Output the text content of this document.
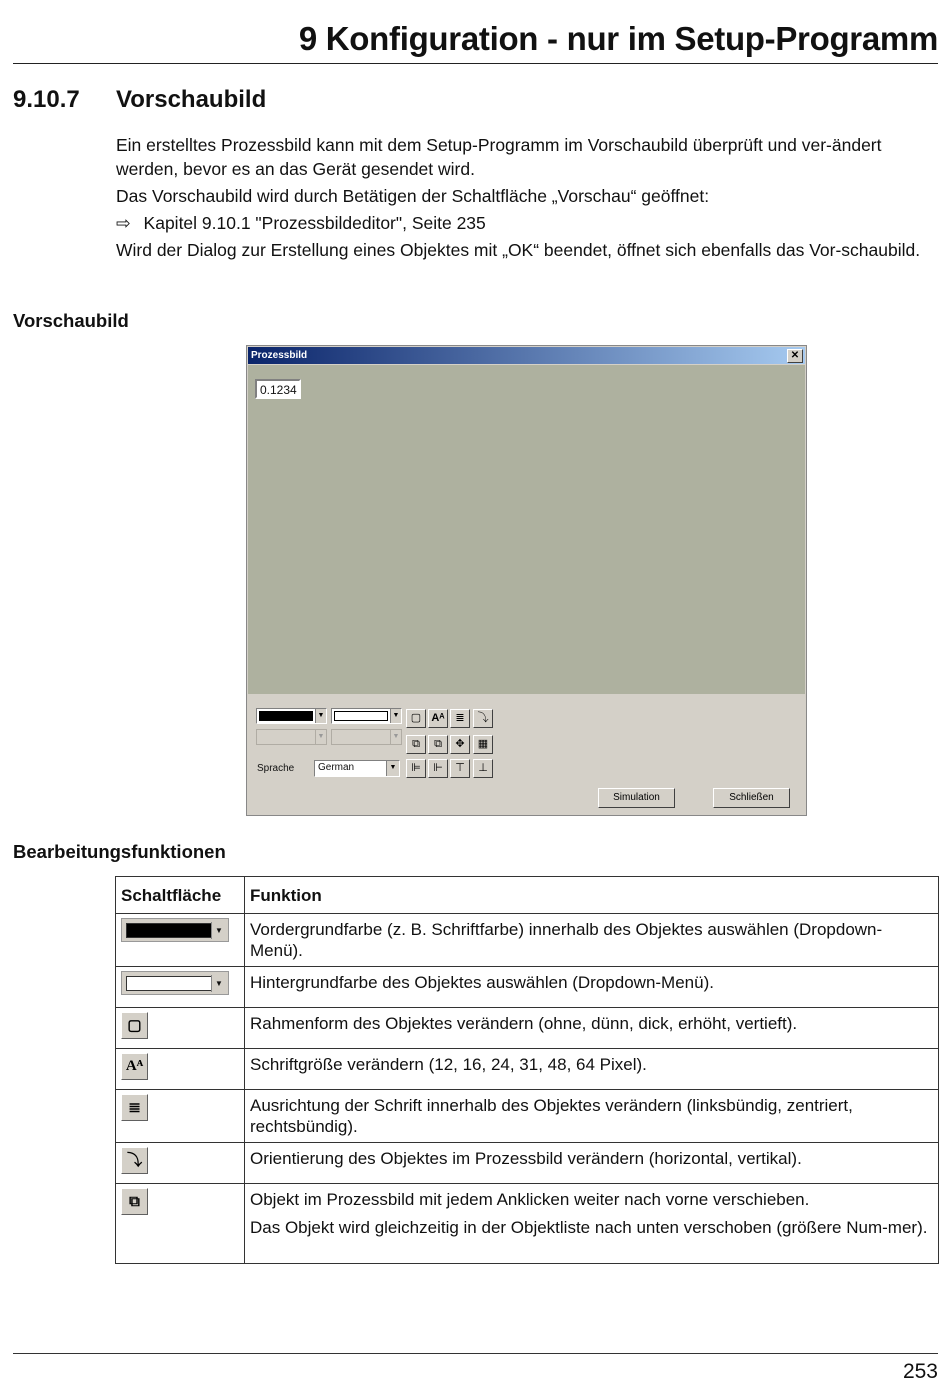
9 Konfiguration - nur im Setup-Programm
9.10.7 Vorschaubild
Ein erstelltes Prozessbild kann mit dem Setup-Programm im Vorschaubild überprüft und ver-ändert werden, bevor es an das Gerät gesendet wird.
Das Vorschaubild wird durch Betätigen der Schaltfläche „Vorschau“ geöffnet:
⇨ Kapitel 9.10.1 "Prozessbildeditor", Seite 235
Wird der Dialog zur Erstellung eines Objektes mit „OK“ beendet, öffnet sich ebenfalls das Vor-schaubild.
Vorschaubild
Prozessbild	✕
0.1234
▼	▼
▼	▼
Sprache German	▼
▢ Aᴬ ≣	⤵
⧉	⧉	✥	▦
⊫	⊩	⊤	⊥
Simulation	Schließen
Bearbeitungsfunktionen
Schaltfläche	Funktion

▼	Vordergrundfarbe (z. B. Schriftfarbe) innerhalb des Objektes auswählen (Dropdown-Menü).

▼	Hintergrundfarbe des Objektes auswählen (Dropdown-Menü).
▢	Rahmenform des Objektes verändern (ohne, dünn, dick, erhöht, vertieft).
Aᴬ	Schriftgröße verändern (12, 16, 24, 31, 48, 64 Pixel).
≣	Ausrichtung der Schrift innerhalb des Objektes verändern (linksbündig, zentriert, rechtsbündig).
⤵	Orientierung des Objektes im Prozessbild verändern (horizontal, vertikal).
⧉	Objekt im Prozessbild mit jedem Anklicken weiter nach vorne verschieben.

Das Objekt wird gleichzeitig in der Objektliste nach unten verschoben (größere Num-mer).

253
